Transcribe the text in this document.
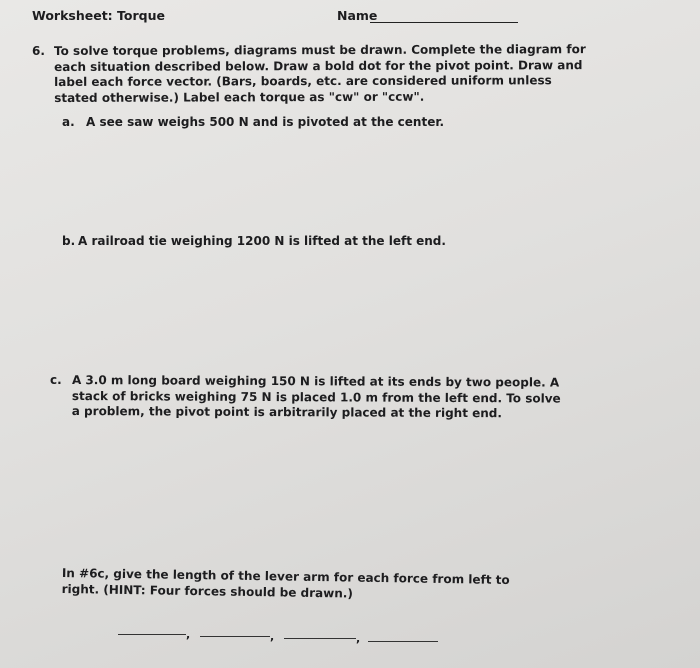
Worksheet: Torque	Name
6. To solve torque problems, diagrams must be drawn. Complete the diagram for
each situation described below. Draw a bold dot for the pivot point. Draw and
label each force vector. (Bars, boards, etc. are considered uniform unless
stated otherwise.) Label each torque as "cw" or "ccw".
a. A see saw weighs 500 N and is pivoted at the center.
b. A railroad tie weighing 1200 N is lifted at the left end.
c. A 3.0 m long board weighing 150 N is lifted at its ends by two people. A
stack of bricks weighing 75 N is placed 1.0 m from the left end. To solve
a problem, the pivot point is arbitrarily placed at the right end.
In #6c, give the length of the lever arm for each force from left to
right. (HINT: Four forces should be drawn.)
,	,	,
